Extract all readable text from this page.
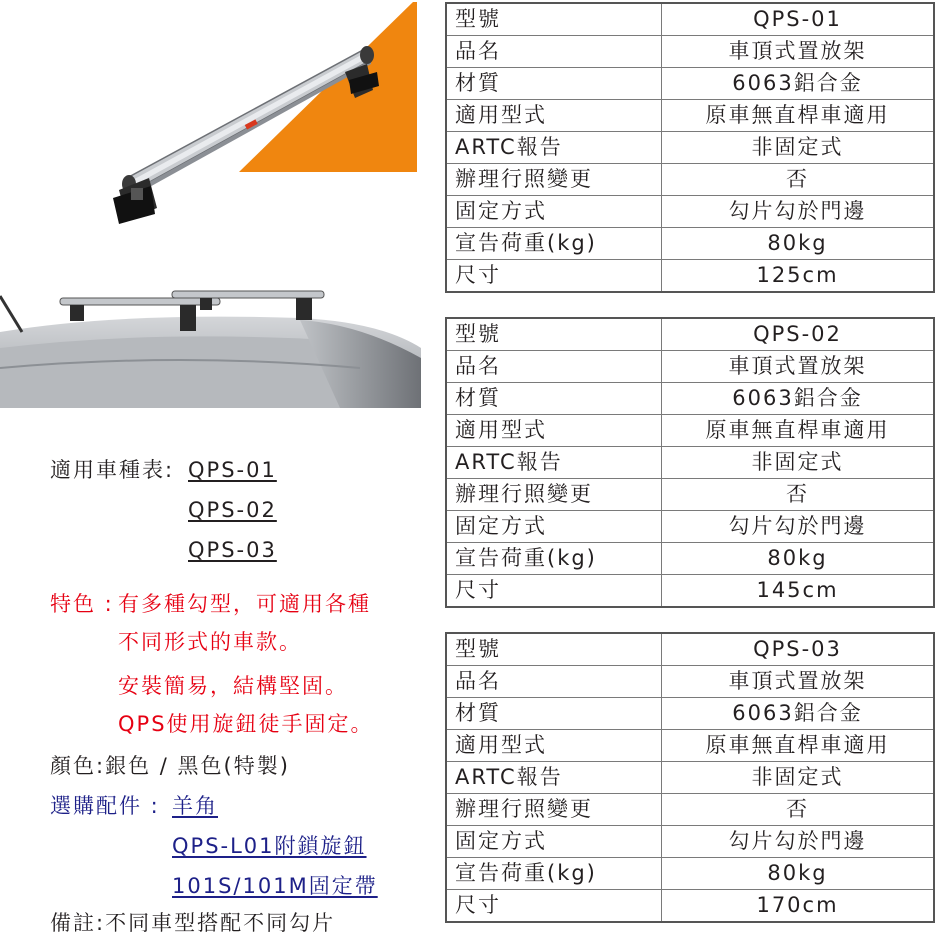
型號	QPS-01
品名	車頂式置放架
材質	6063鋁合金
適用型式	原車無直桿車適用
ARTC報告	非固定式
辦理行照變更	否
固定方式	勾片勾於門邊
宣告荷重(kg)	80kg
尺寸	125cm
型號	QPS-02
品名	車頂式置放架
材質	6063鋁合金
適用型式	原車無直桿車適用
ARTC報告	非固定式
辦理行照變更	否
固定方式	勾片勾於門邊
宣告荷重(kg)	80kg
尺寸	145cm
型號	QPS-03
品名	車頂式置放架
材質	6063鋁合金
適用型式	原車無直桿車適用
ARTC報告	非固定式
辦理行照變更	否
固定方式	勾片勾於門邊
宣告荷重(kg)	80kg
尺寸	170cm
適用車種表: QPS-01
QPS-02
QPS-03
特色 : 有多種勾型，可適用各種
不同形式的車款。
安裝簡易，結構堅固。
QPS使用旋鈕徒手固定。
顏色:銀色 / 黑色(特製)
選購配件 : 羊角
QPS-L01附鎖旋鈕
101S/101M固定帶
備註:不同車型搭配不同勾片
